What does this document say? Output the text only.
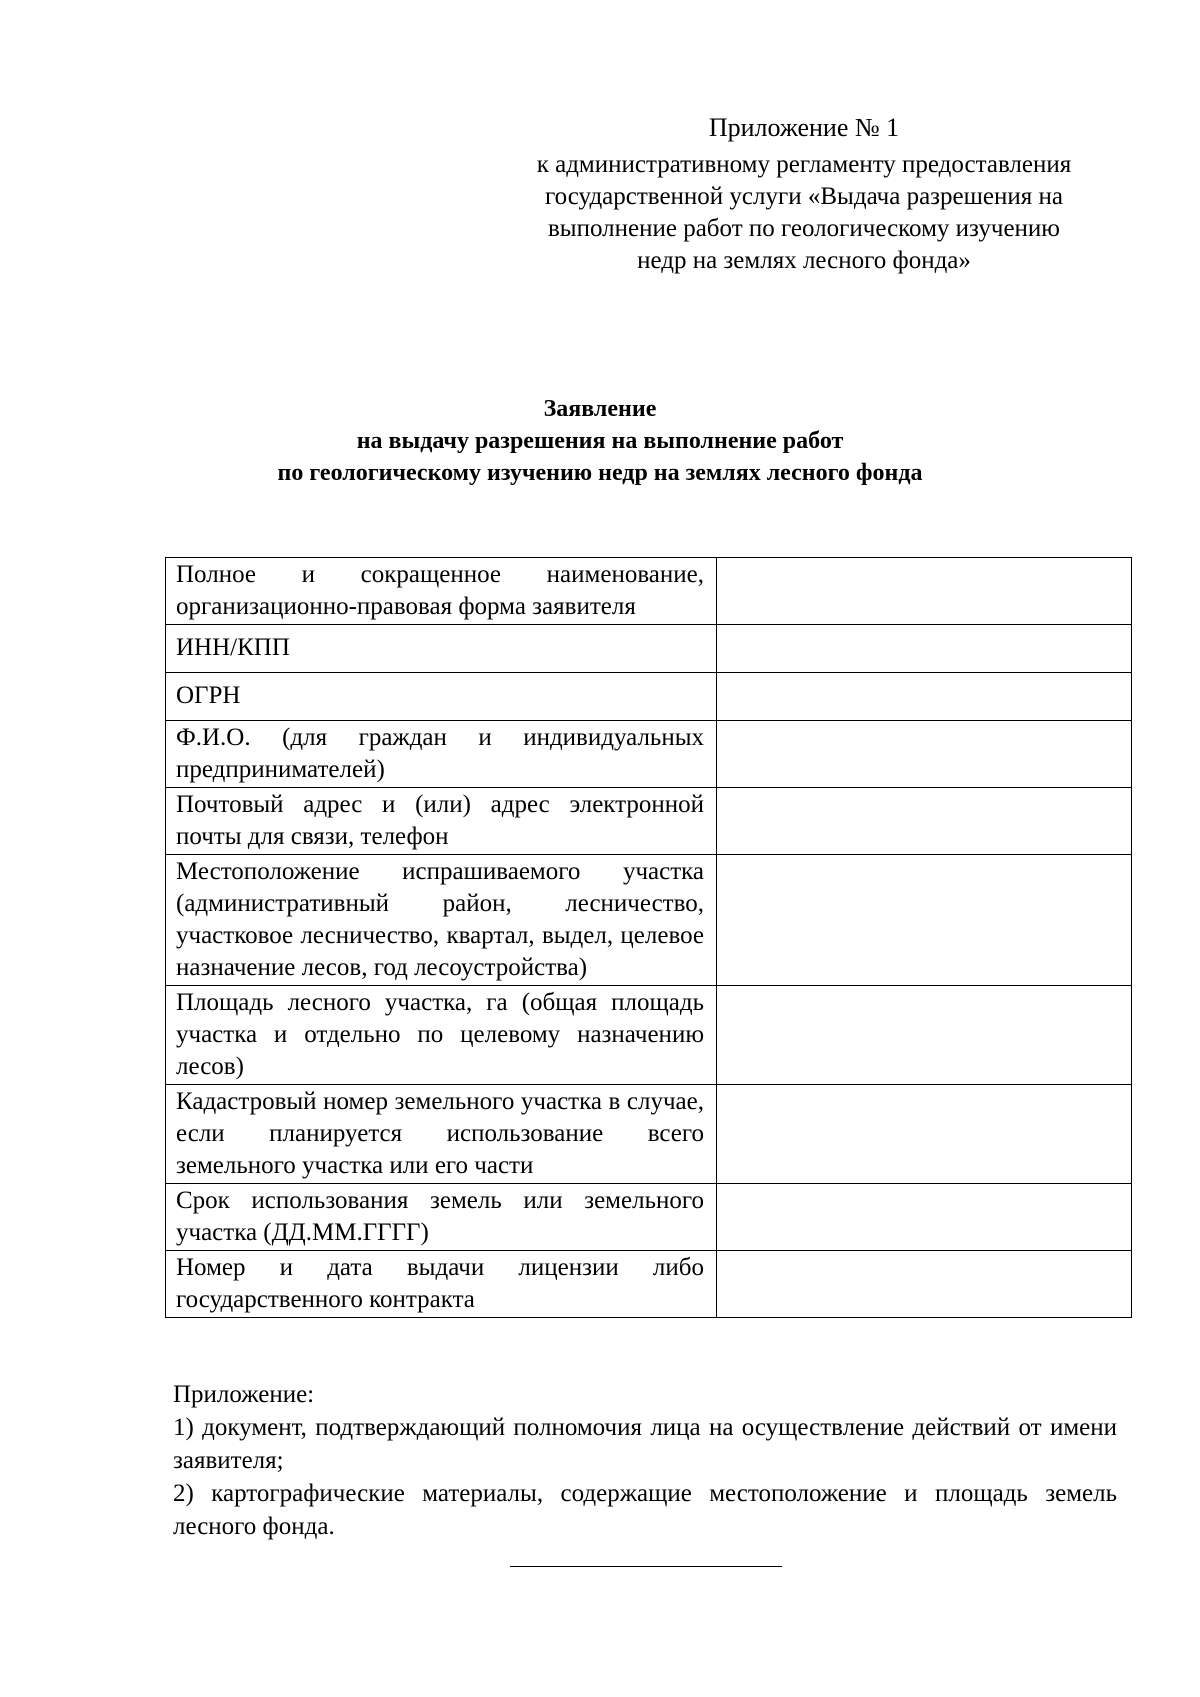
Приложение № 1
к административному регламенту предоставления
государственной услуги «Выдача разрешения на
выполнение работ по геологическому изучению
недр на землях лесного фонда»
Заявление
на выдачу разрешения на выполнение работ
по геологическому изучению недр на землях лесного фонда
Полное и сокращенное наименование, организационно-правовая форма заявителя	
ИНН/КПП	
ОГРН	
Ф.И.О. (для граждан и индивидуальных предпринимателей)	
Почтовый адрес и (или) адрес электронной почты для связи, телефон	
Местоположение испрашиваемого участка (административный район, лесничество, участковое лесничество, квартал, выдел, целевое назначение лесов, год лесоустройства)	
Площадь лесного участка, га (общая площадь участка и отдельно по целевому назначению лесов)	
Кадастровый номер земельного участка в случае, если планируется использование всего земельного участка или его части	
Срок использования земель или земельного участка (ДД.ММ.ГГГГ)	
Номер и дата выдачи лицензии либо государственного контракта	
Приложение:
1) документ, подтверждающий полномочия лица на осуществление действий от имени заявителя;
2) картографические материалы, содержащие местоположение и площадь земель лесного фонда.
